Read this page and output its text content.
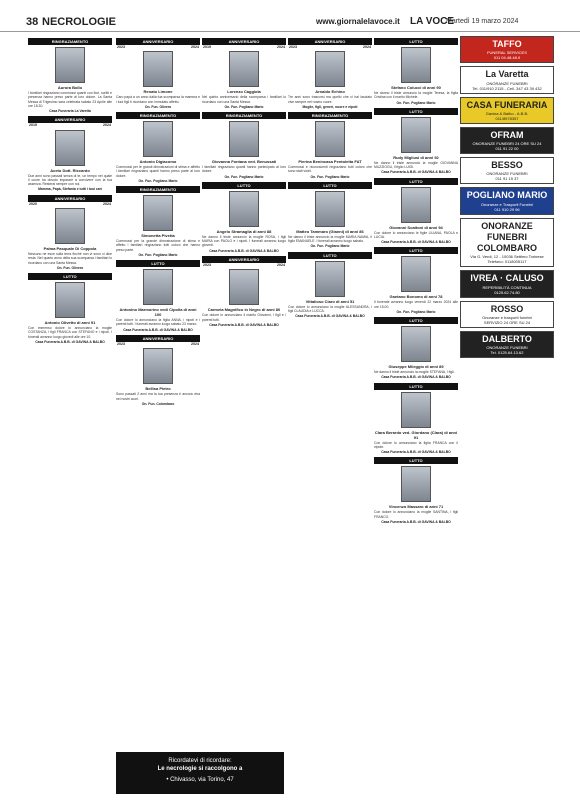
38 NECROLOGIE	www.giornalelavoce.it LA VOCE
Martedì 19 marzo 2024
RINGRAZIAMENTO
Aurora Bollo
I familiari ringraziano commossi quanti con fiori, scritti e presenza hanno preso parte al loro dolore. La Santa Messa di Trigesimo sarà celebrata sabato 23 Aprile alle ore 18.30.
Casa Funeraria La Varetta
ANNIVERSARIO
2019	2024
Aceto Dott. Riccardo
Due anni sono passati senza di te, un tempo nel quale il cuore ha dovuto imparare a convivere con la tua assenza. Resterai sempre con noi.
Mamma, Papà, Stefania e tutti i tuoi cari
ANNIVERSARIO
2020	2024
Palma Pasquale Di Coppola
Nessuno ne esce sulla terra finché non vi sono ci dice resta. Nel quarto anno della sua scomparsa i familiari lo ricordano con una Santa Messa.
On. Fun. Olivero
LUTTO
Antonio Olivetto di anni 91
Con immenso dolore lo annunciano la moglie COSTANZA, i figli FRANCA con STEFANO e i nipoti. I funerali avranno luogo giovedì alle ore 10.
Casa Funeraria A.B.B. di GAVINA & BALBO
ANNIVERSARIO
2023	2024
Renato Limone
Caro papà a un anno dalla tua scomparsa la mamma e i tuoi figli ti ricordano con immutato affetto.
On. Fun. Olivero
RINGRAZIAMENTO
Antonio Digiacomo
Commossi per le grandi dimostrazioni di stima e affetto i familiari ringraziano quanti hanno preso parte al loro dolore.
On. Fun. Pogliano Mario
RINGRAZIAMENTO
Simonetta Pivetta
Commossi per la grande dimostrazione di stima e affetto i familiari ringraziano tutti coloro che hanno preso parte.
On. Fun. Pogliano Mario
LUTTO
Antonino Marmorino vedi Cipolla di anni 100
Con dolore lo annunciano la figlia ANNA, i nipoti e i parenti tutti. I funerali avranno luogo sabato 23 marzo.
Casa Funeraria A.B.B. di GAVINA & BALBO
ANNIVERSARIO
2023	2024
Bellisa Pietro
Sono passati 2 anni ma la tua presenza è ancora viva nei nostri cuori.
On. Fun. Colombaro
ANNIVERSARIO
2019	2024
Lorenzo Caggiola
Nel quinto anniversario della scomparsa i familiari lo ricordano con una Santa Messa.
On. Fun. Pogliano Mario
RINGRAZIAMENTO
Giovanna Fontana ved. Benussati
I familiari ringraziano quanti hanno partecipato al loro dolore.
On. Fun. Pogliano Mario
LUTTO
Angelo Stramaglia di anni 88
Ne danno il triste annuncio la moglie ROSA, i figli MARIA con PAOLO e i nipoti. I funerali avranno luogo giovedì.
Casa Funeraria A.B.B. di GAVINA & BALBO
ANNIVERSARIO
2023	2024
Carmela Magnifico in Negro di anni 80
Con dolore lo annunciano il marito Giovanni, i figli e i parenti tutti.
Casa Funeraria A.B.B. di GAVINA & BALBO
ANNIVERSARIO
2023	2024
Arnaldo Echino
Tre anni sono trascorsi ma quello che ci hai lasciato vive sempre nel nostro cuore.
Moglie, figli, generi, nuore e nipoti
RINGRAZIAMENTO
Pierina Benincasa Pentoletta FAT
Commossi e riconoscenti ringraziano tutti coloro che sono stati vicini.
On. Fun. Pogliano Mario
LUTTO
Matteo Tammaro (Gianni) di anni 86
Ne danno il triste annuncio la moglie MARIA NAMIA, il figlio EMANUELE. I funerali avranno luogo sabato.
On. Fun. Pogliano Mario
LUTTO
Vittalioso Ciaro di anni 51
Con dolore lo annunciano la moglie ALESSANDRA, i figli CLAUDIA e LUCCA.
Casa Funeraria A.B.B. di GAVINA & BALBO
LUTTO
Stefano Colucci di anni 90
Ne danno il triste annuncio la moglie Teresa, la figlia Cristina con il marito Michele.
On. Fun. Pogliano Mario
LUTTO
Rudy Migliusi di anni 92
Ne danno il triste annuncio la moglie GIOVANNA MUZZIOGU, il figlio LUIGI.
Casa Funeraria A.B.B. di GAVINA & BALBO
LUTTO
Giovanni Scattoni di anni 94
Con dolore lo annunciano le figlie LILIANA, PAOLA e LUCIA.
Casa Funeraria A.B.B. di GAVINA & BALBO
LUTTO
Gaetano Bonomo di anni 78
Il funerale avranno luogo venerdì 22 marzo 2024 alle ore 15.00.
On. Fun. Pogliano Mario
LUTTO
Giuseppe Mileggio di anni 89
Ne danno il triste annuncio la moglie STEFANA, i figli.
Casa Funeraria A.B.B. di GAVINA & BALBO
LUTTO
Clara Berardo ved. Giordano (Clara) di anni 91
Con dolore lo annunciano la figlia FRANCA con il nipote.
Casa Funeraria A.B.B. di GAVINA & BALBO
LUTTO
Vincenzo Massaro di anni 71
Con dolore lo annunciano la moglie SANTINA, i figli FRANCO.
Casa Funeraria A.B.B. di GAVINA & BALBO
TAFFO
FUNERAL SERVICES
011 04.48.48.9
La Varetta
ONORANZE FUNEBRI
Tel. 011/910 2115 - Cell. 347 43 39 432
CASA FUNERARIA
Gavina & Balbo - A.B.B.
011/8978357
OFRAM
ONORANZE FUNEBRI 24 ORE SU 24
011 91 22 00
BESSO
ONORANZE FUNEBRI
011 91 15 37
POGLIANO MARIO
Onoranze e Trasporti Funebri
011 910 29 96
ONORANZE FUNEBRI COLOMBARO
Via G. Verdi, 12 - 10036 Settimo Torinese
Telefono: 0118005117
IVREA · CALUSO
REPERIBILITÀ CONTINUA
0125.62.74.80
ROSSO
Onoranze e trasporti funebri
SERVIZIO 24 ORE SU 24
DALBERTO
ONORANZE FUNEBRI
Tel. 0125.64.13.62
Ricordatevi di ricordare:
Le necrologie si raccolgono a
• Chivasso, via Torino, 47
